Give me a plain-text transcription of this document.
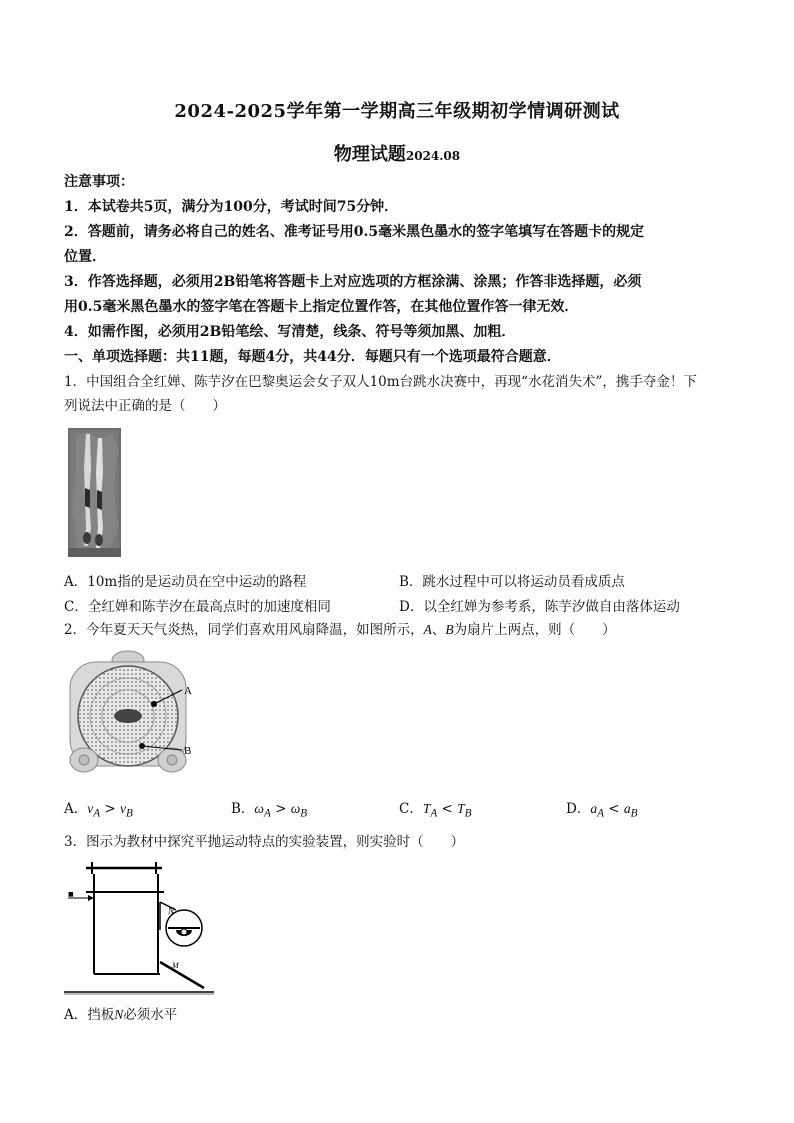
2024-2025学年第一学期高三年级期初学情调研测试
物理试题2024.08
注意事项：
1．本试卷共5页，满分为100分，考试时间75分钟．
2．答题前，请务必将自己的姓名、准考证号用0.5毫米黑色墨水的签字笔填写在答题卡的规定
位置．
3．作答选择题，必须用2B铅笔将答题卡上对应选项的方框涂满、涂黑；作答非选择题，必须
用0.5毫米黑色墨水的签字笔在答题卡上指定位置作答，在其他位置作答一律无效．
4．如需作图，必须用2B铅笔绘、写清楚，线条、符号等须加黑、加粗．
一、单项选择题：共11题，每题4分，共44分．每题只有一个选项最符合题意．
1．中国组合全红婵、陈芋汐在巴黎奥运会女子双人10m台跳水决赛中，再现“水花消失术”，携手夺金！下
列说法中正确的是（　　）
A．10m指的是运动员在空中运动的路程	B．跳水过程中可以将运动员看成质点
C．全红婵和陈芋汐在最高点时的加速度相同	D．以全红婵为参考系，陈芋汐做自由落体运动
2．今年夏天天气炎热，同学们喜欢用风扇降温，如图所示，A、B为扇片上两点，则（　　）
A
B
A．$v_A > v_B$	B．$\omega_A > \omega_B$	C．$T_A < T_B$	D．$a_A < a_B$
3．图示为教材中探究平抛运动特点的实验装置，则实验时（　　）
■
N
M
A．挡板N必须水平
